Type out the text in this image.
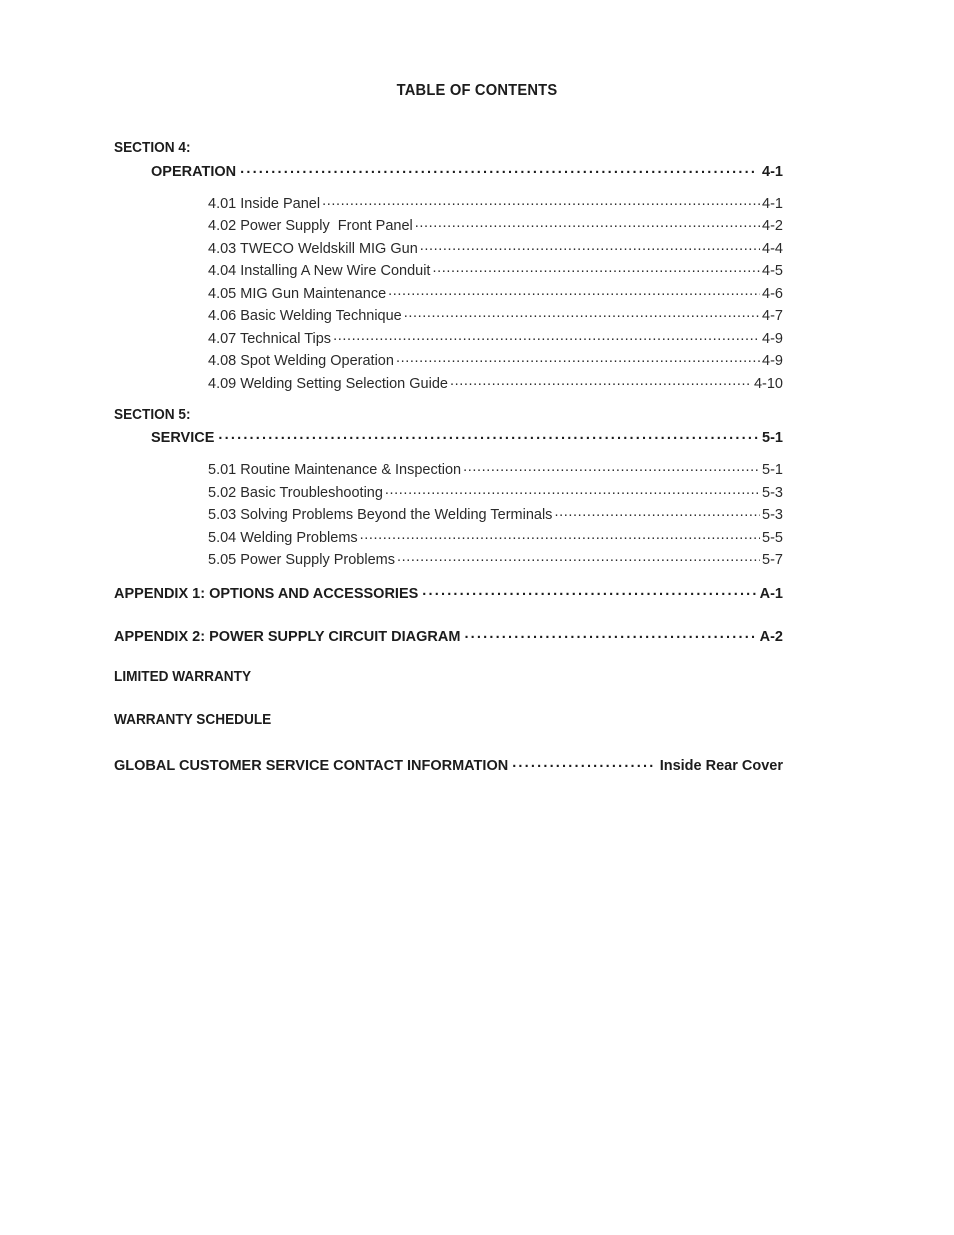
TABLE OF CONTENTS
SECTION 4:
OPERATION .....	4-1
4.01 Inside Panel .....	4-1
4.02 Power Supply  Front Panel .....	4-2
4.03 TWECO Weldskill MIG Gun .....	4-4
4.04 Installing A New Wire Conduit .....	4-5
4.05 MIG Gun Maintenance .....	4-6
4.06 Basic Welding Technique .....	4-7
4.07 Technical Tips .....	4-9
4.08 Spot Welding Operation .....	4-9
4.09 Welding Setting Selection Guide .....	4-10
SECTION 5:
SERVICE .....	5-1
5.01 Routine Maintenance & Inspection .....	5-1
5.02 Basic Troubleshooting .....	5-3
5.03 Solving Problems Beyond the Welding Terminals .....	5-3
5.04 Welding Problems .....	5-5
5.05 Power Supply Problems .....	5-7
APPENDIX 1: OPTIONS AND ACCESSORIES .....	A-1
APPENDIX 2: POWER SUPPLY CIRCUIT DIAGRAM .....	A-2
LIMITED WARRANTY
WARRANTY SCHEDULE
GLOBAL CUSTOMER SERVICE CONTACT INFORMATION .....	Inside Rear Cover
